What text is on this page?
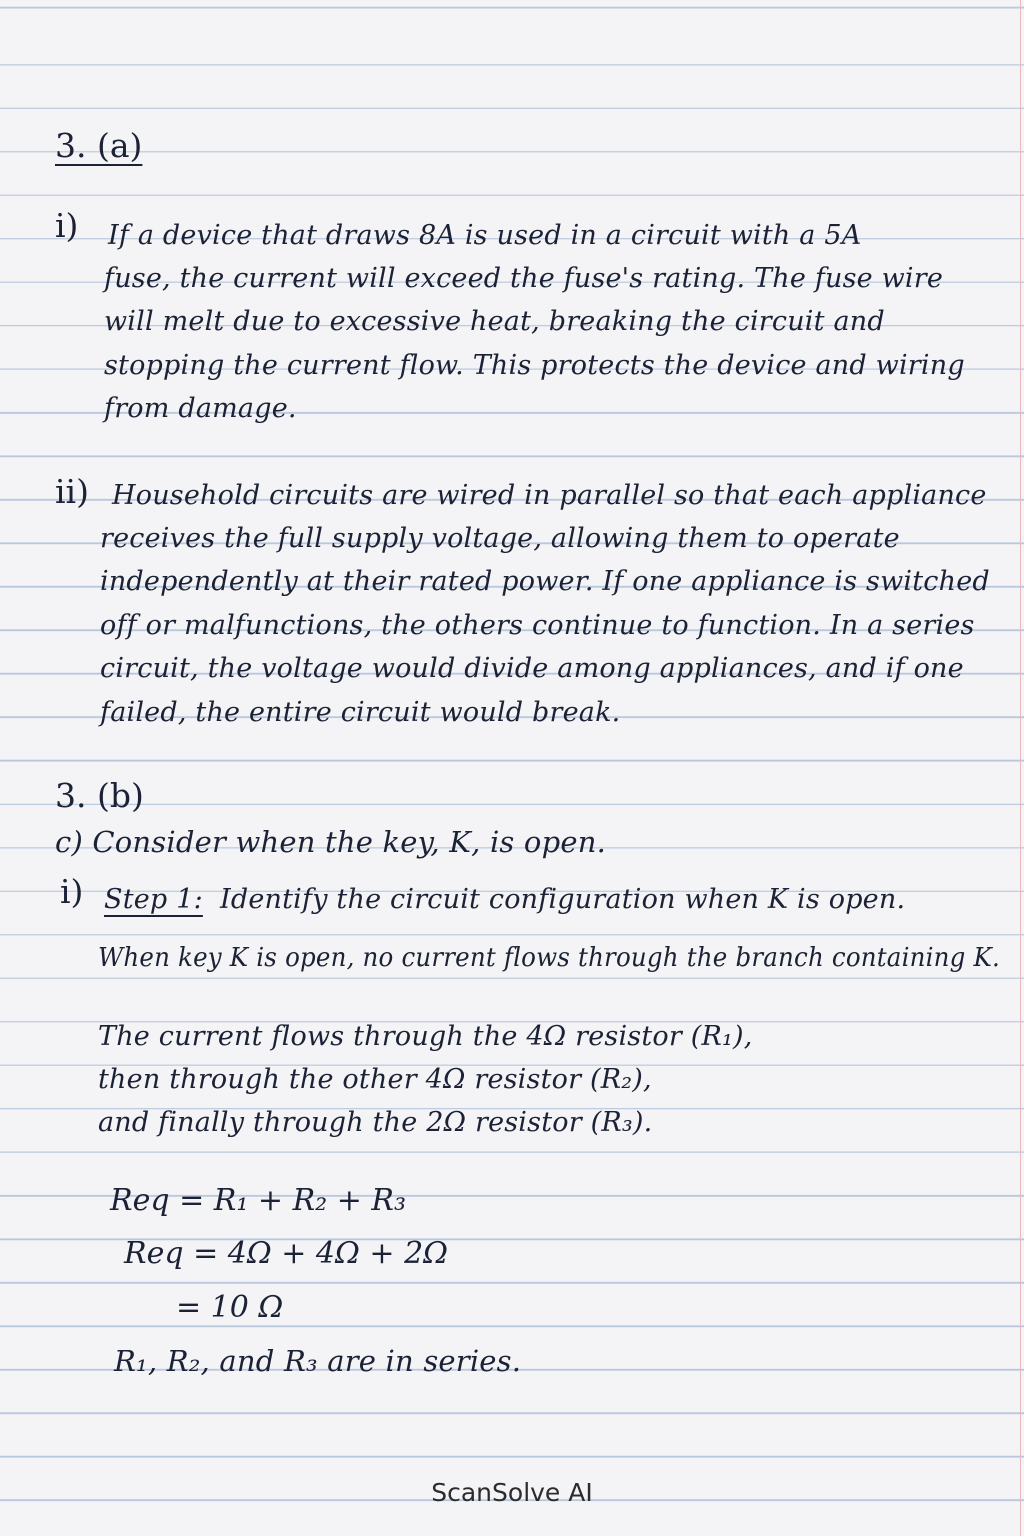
3. (a)
i) If a device that draws 8A is used in a circuit with a 5A
fuse, the current will exceed the fuse's rating. The fuse wire
will melt due to excessive heat, breaking the circuit and
stopping the current flow. This protects the device and wiring
from damage.
ii) Household circuits are wired in parallel so that each appliance
receives the full supply voltage, allowing them to operate
independently at their rated power. If one appliance is switched
off or malfunctions, the others continue to function. In a series
circuit, the voltage would divide among appliances, and if one
failed, the entire circuit would break.
3. (b)
c) Consider when the key, K, is open.
i) Step 1: Identify the circuit configuration when K is open.
When key K is open, no current flows through the branch containing K.
The current flows through the 4Ω resistor (R₁),
then through the other 4Ω resistor (R₂),
and finally through the 2Ω resistor (R₃).
Req = R₁ + R₂ + R₃
Req = 4Ω + 4Ω + 2Ω
= 10 Ω
R₁, R₂, and R₃ are in series.
ScanSolve AI
